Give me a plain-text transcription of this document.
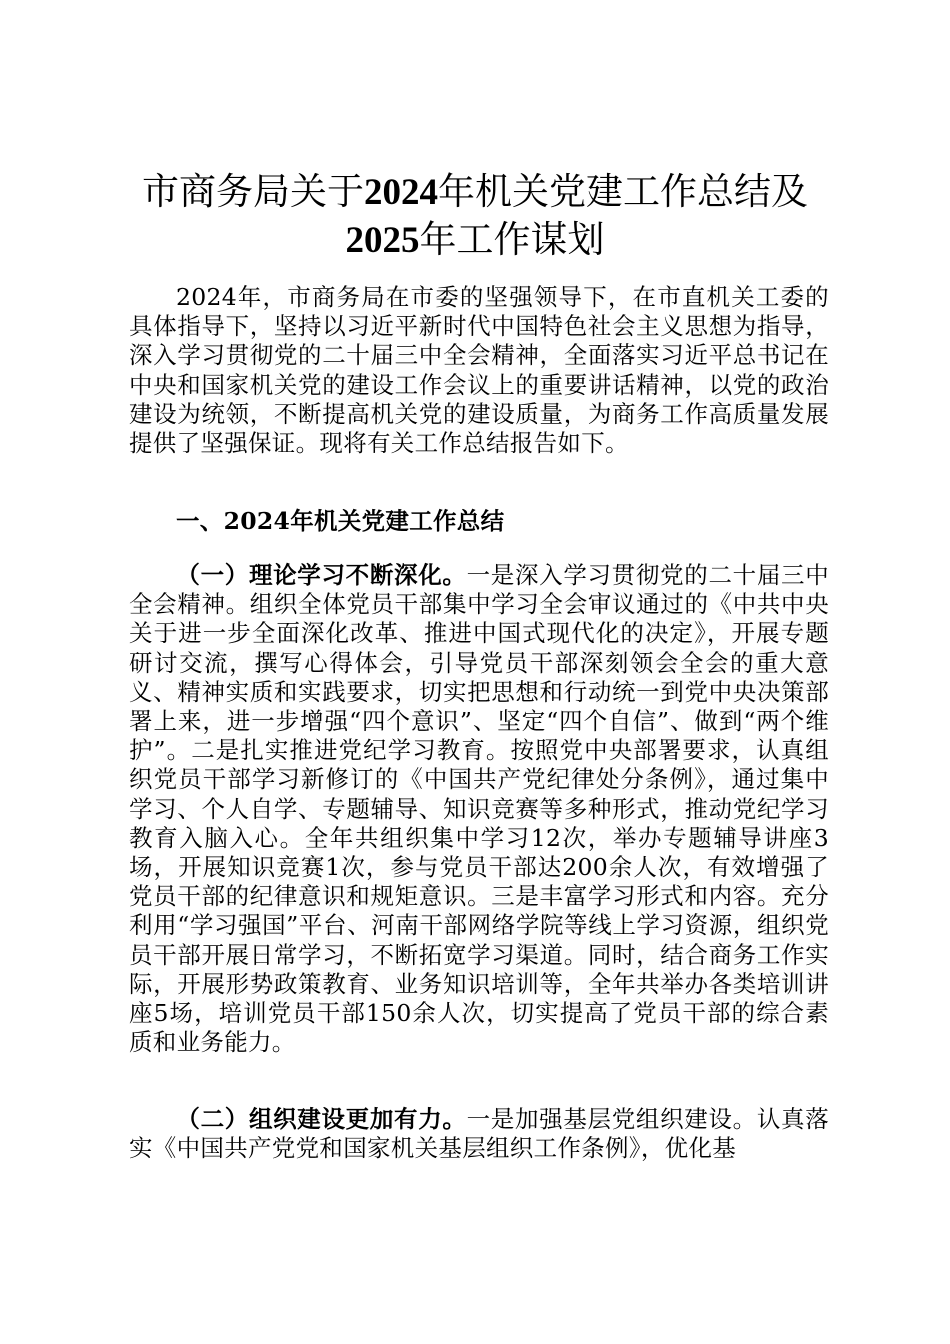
市商务局关于2024年机关党建工作总结及
2025年工作谋划
2024年，市商务局在市委的坚强领导下，在市直机关工委的具体指导下，坚持以习近平新时代中国特色社会主义思想为指导，深入学习贯彻党的二十届三中全会精神，全面落实习近平总书记在中央和国家机关党的建设工作会议上的重要讲话精神，以党的政治建设为统领，不断提高机关党的建设质量，为商务工作高质量发展提供了坚强保证。现将有关工作总结报告如下。
一、2024年机关党建工作总结
（一）理论学习不断深化。一是深入学习贯彻党的二十届三中全会精神。组织全体党员干部集中学习全会审议通过的《中共中央关于进一步全面深化改革、推进中国式现代化的决定》，开展专题研讨交流，撰写心得体会，引导党员干部深刻领会全会的重大意义、精神实质和实践要求，切实把思想和行动统一到党中央决策部署上来，进一步增强“四个意识”、坚定“四个自信”、做到“两个维护”。二是扎实推进党纪学习教育。按照党中央部署要求，认真组织党员干部学习新修订的《中国共产党纪律处分条例》，通过集中学习、个人自学、专题辅导、知识竞赛等多种形式，推动党纪学习教育入脑入心。全年共组织集中学习12次，举办专题辅导讲座3场，开展知识竞赛1次，参与党员干部达200余人次，有效增强了党员干部的纪律意识和规矩意识。三是丰富学习形式和内容。充分利用“学习强国”平台、河南干部网络学院等线上学习资源，组织党员干部开展日常学习，不断拓宽学习渠道。同时，结合商务工作实际，开展形势政策教育、业务知识培训等，全年共举办各类培训讲座5场，培训党员干部150余人次，切实提高了党员干部的综合素质和业务能力。
（二）组织建设更加有力。一是加强基层党组织建设。认真落实《中国共产党党和国家机关基层组织工作条例》，优化基
